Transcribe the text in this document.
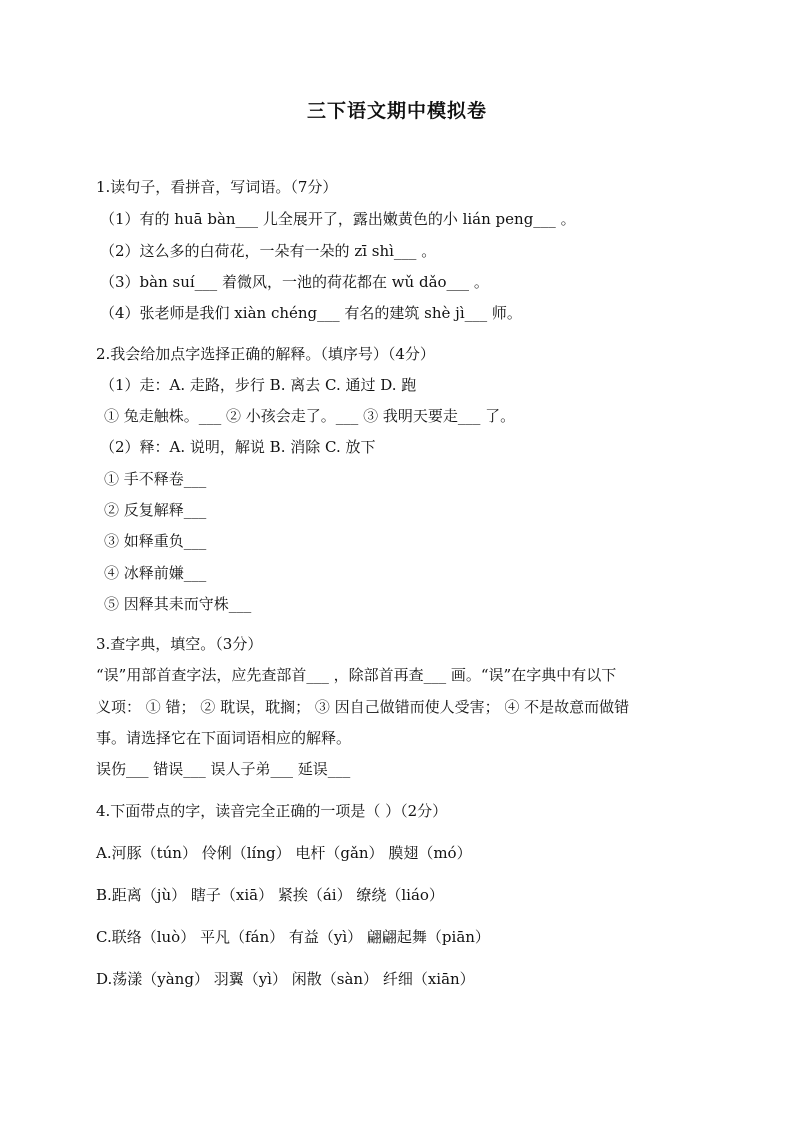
三下语文期中模拟卷
1.读句子，看拼音，写词语。（7分）
（1）有的 huā bàn___ 儿全展开了，露出嫩黄色的小 lián peng___ 。
（2）这么多的白荷花，一朵有一朵的 zī shì___ 。
（3）bàn suí___ 着微风，一池的荷花都在 wǔ dǎo___ 。
（4）张老师是我们 xiàn chéng___ 有名的建筑 shè jì___ 师。
2.我会给加点字选择正确的解释。（填序号）（4分）
（1）走：A. 走路，步行 B. 离去 C. 通过 D. 跑
① 兔走触株。___ ② 小孩会走了。___ ③ 我明天要走___ 了。
（2）释：A. 说明，解说 B. 消除 C. 放下
① 手不释卷___
② 反复解释___
③ 如释重负___
④ 冰释前嫌___
⑤ 因释其耒而守株___
3.查字典，填空。（3分）
“误”用部首查字法，应先查部首___ ，除部首再查___ 画。“误”在字典中有以下
义项： ① 错； ② 耽误，耽搁； ③ 因自己做错而使人受害； ④ 不是故意而做错
事。请选择它在下面词语相应的解释。
误伤___ 错误___ 误人子弟___ 延误___
4.下面带点的字，读音完全正确的一项是（ ）（2分）
A.河豚（tún） 伶俐（líng） 电杆（gǎn） 膜翅（mó）
B.距离（jù） 瞎子（xiā） 紧挨（ái） 缭绕（liáo）
C.联络（luò） 平凡（fán） 有益（yì） 翩翩起舞（piān）
D.荡漾（yàng） 羽翼（yì） 闲散（sàn） 纤细（xiān）
